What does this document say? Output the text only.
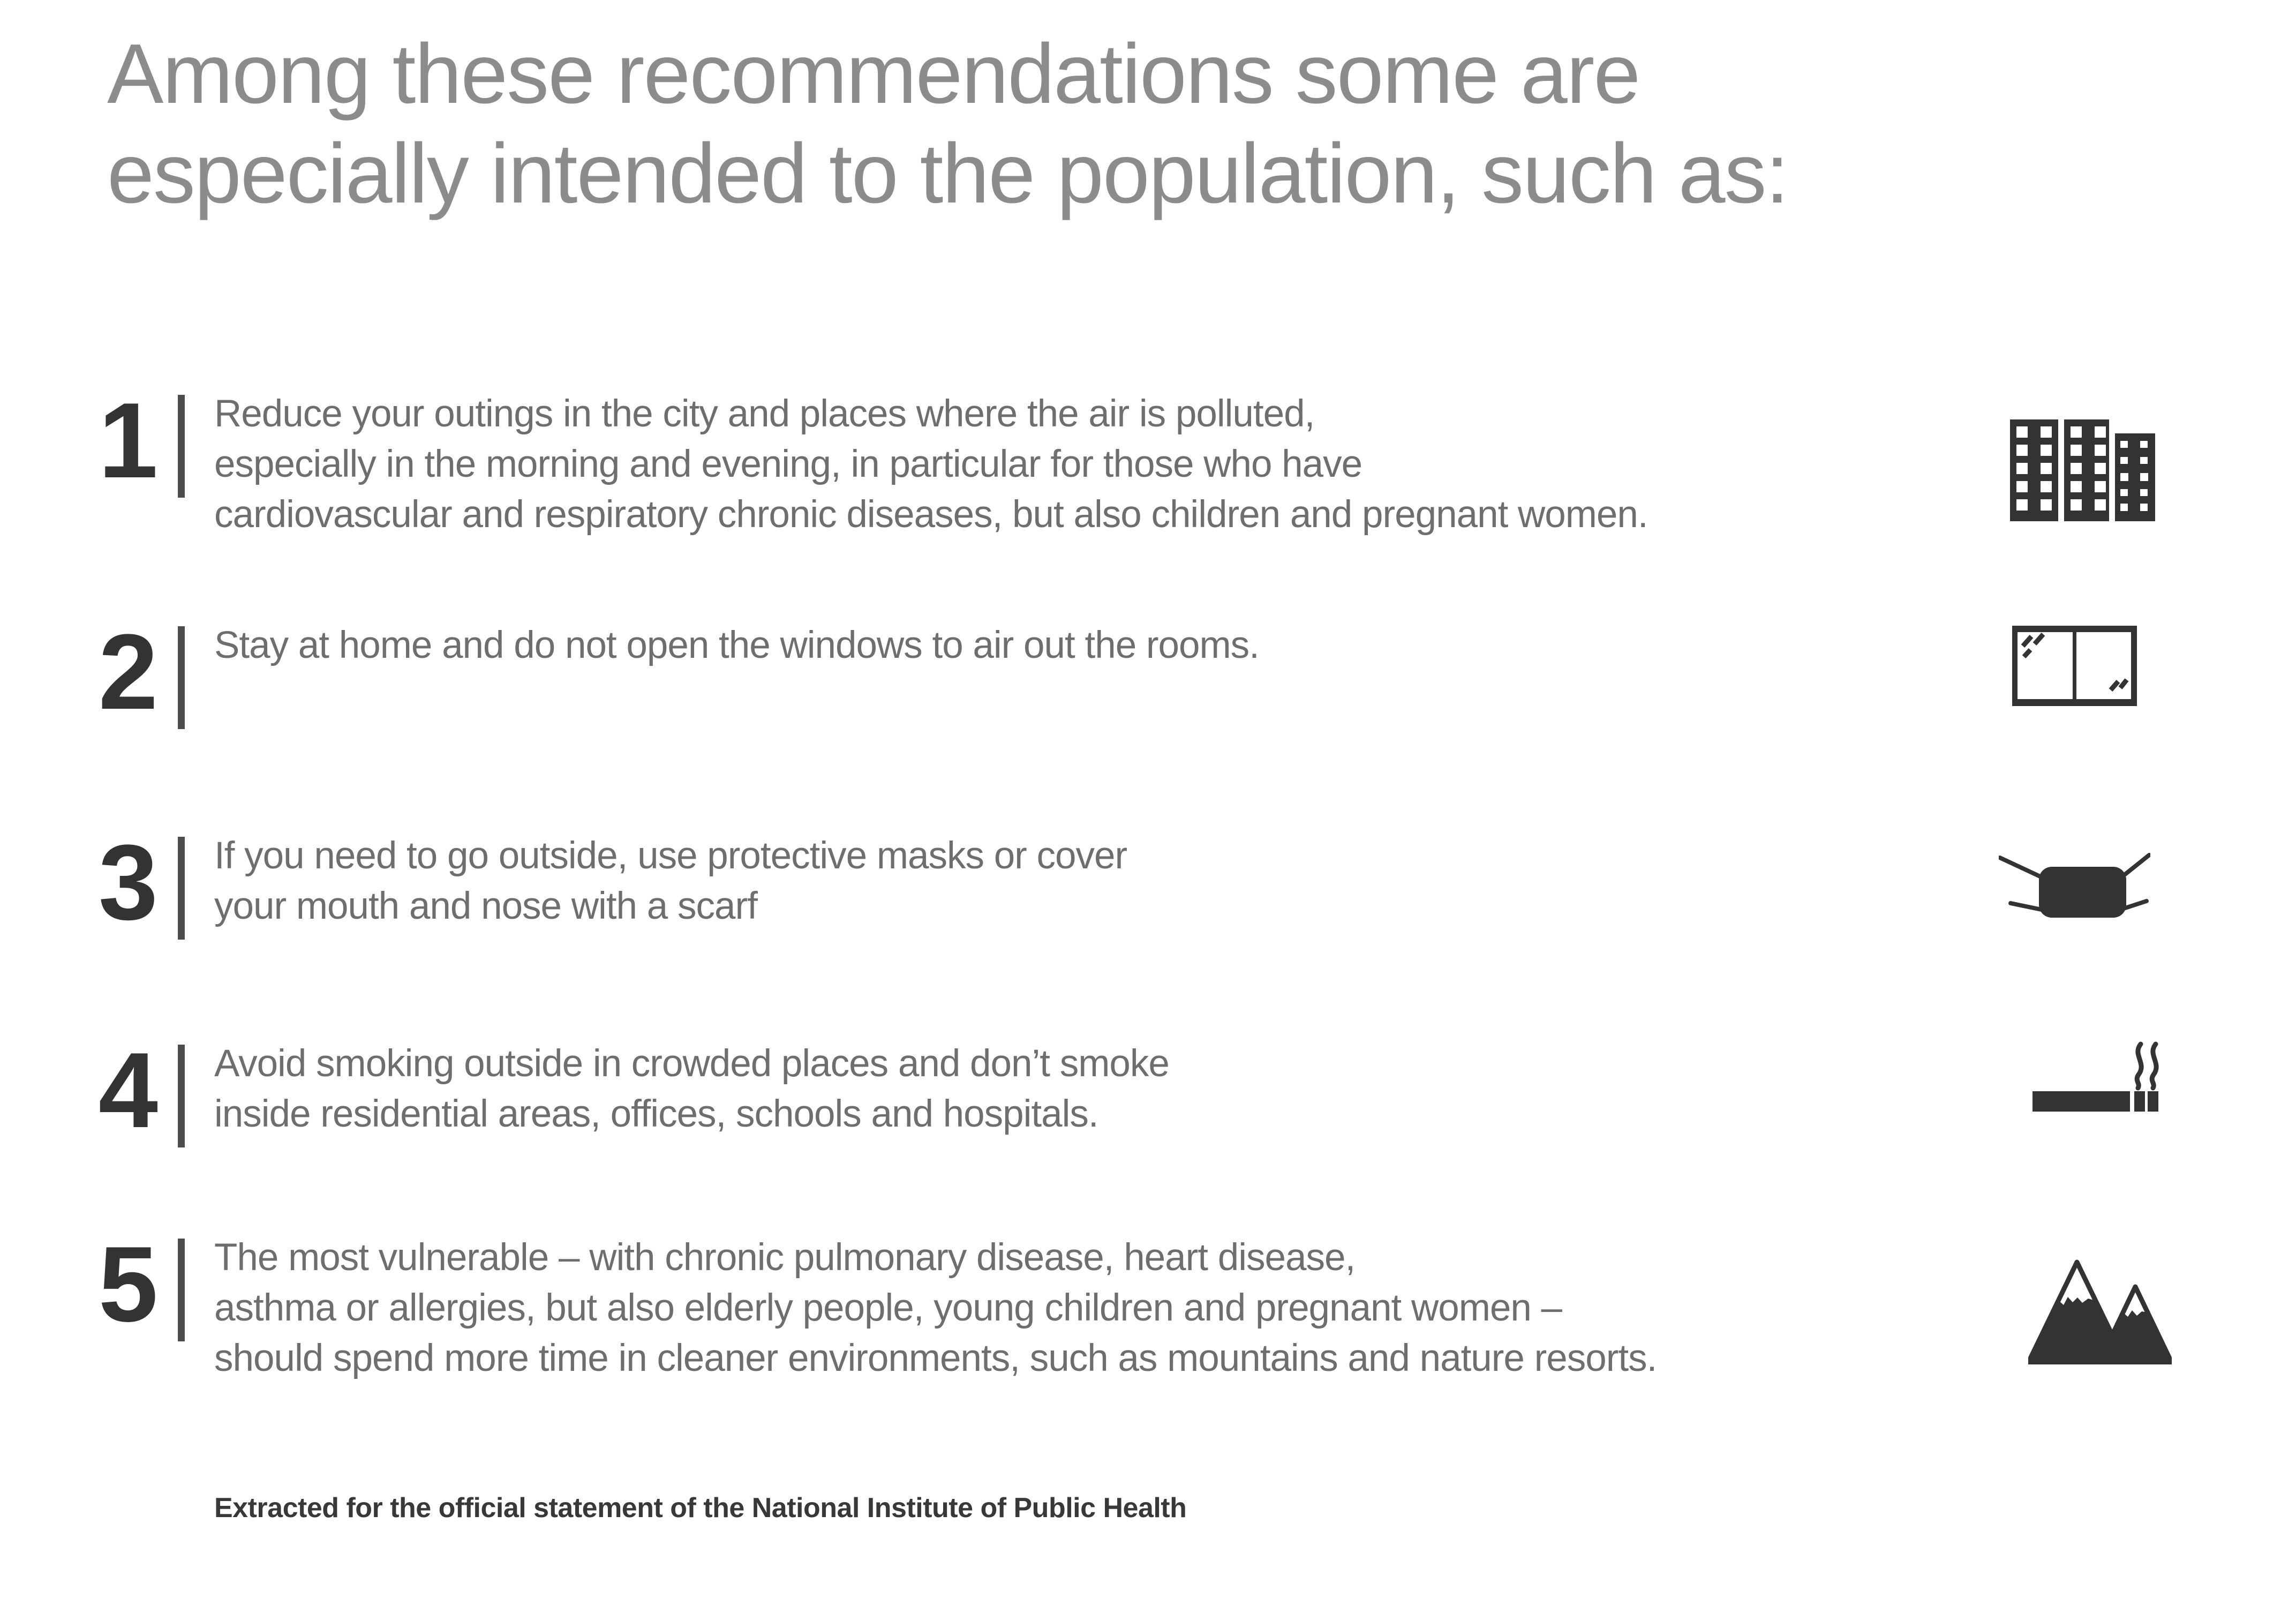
Among these recommendations some are
especially intended to the population, such as:
1 Reduce your outings in the city and places where the air is polluted,
especially in the morning and evening, in particular for those who have
cardiovascular and respiratory chronic diseases, but also children and pregnant women.
2 Stay at home and do not open the windows to air out the rooms.
3 If you need to go outside, use protective masks or cover
your mouth and nose with a scarf
4 Avoid smoking outside in crowded places and don’t smoke
inside residential areas, offices, schools and hospitals.
5 The most vulnerable – with chronic pulmonary disease, heart disease,
asthma or allergies, but also elderly people, young children and pregnant women –
should spend more time in cleaner environments, such as mountains and nature resorts.
Extracted for the official statement of the National Institute of Public Health
